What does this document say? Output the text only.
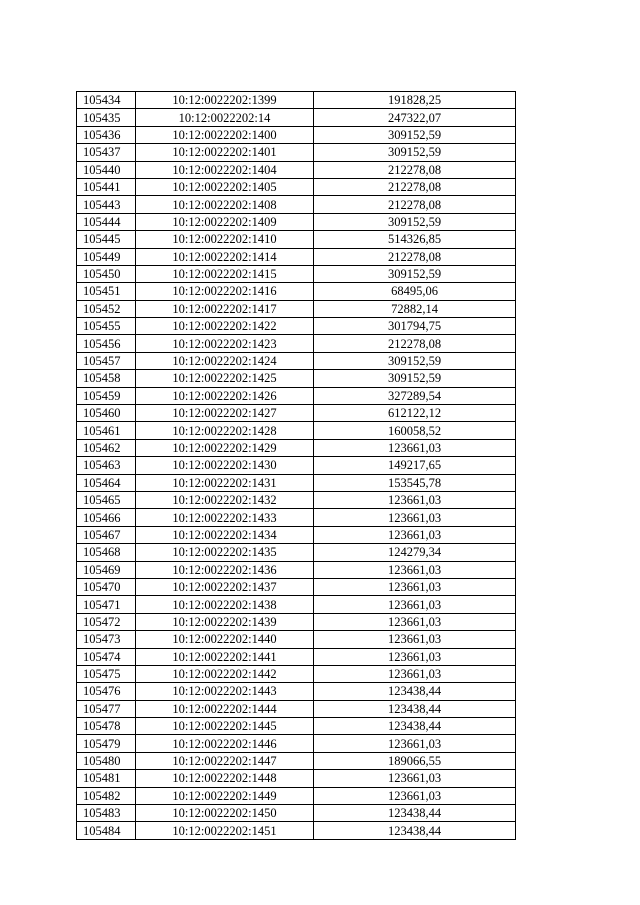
105434	10:12:0022202:1399	191828,25
105435	10:12:0022202:14	247322,07
105436	10:12:0022202:1400	309152,59
105437	10:12:0022202:1401	309152,59
105440	10:12:0022202:1404	212278,08
105441	10:12:0022202:1405	212278,08
105443	10:12:0022202:1408	212278,08
105444	10:12:0022202:1409	309152,59
105445	10:12:0022202:1410	514326,85
105449	10:12:0022202:1414	212278,08
105450	10:12:0022202:1415	309152,59
105451	10:12:0022202:1416	68495,06
105452	10:12:0022202:1417	72882,14
105455	10:12:0022202:1422	301794,75
105456	10:12:0022202:1423	212278,08
105457	10:12:0022202:1424	309152,59
105458	10:12:0022202:1425	309152,59
105459	10:12:0022202:1426	327289,54
105460	10:12:0022202:1427	612122,12
105461	10:12:0022202:1428	160058,52
105462	10:12:0022202:1429	123661,03
105463	10:12:0022202:1430	149217,65
105464	10:12:0022202:1431	153545,78
105465	10:12:0022202:1432	123661,03
105466	10:12:0022202:1433	123661,03
105467	10:12:0022202:1434	123661,03
105468	10:12:0022202:1435	124279,34
105469	10:12:0022202:1436	123661,03
105470	10:12:0022202:1437	123661,03
105471	10:12:0022202:1438	123661,03
105472	10:12:0022202:1439	123661,03
105473	10:12:0022202:1440	123661,03
105474	10:12:0022202:1441	123661,03
105475	10:12:0022202:1442	123661,03
105476	10:12:0022202:1443	123438,44
105477	10:12:0022202:1444	123438,44
105478	10:12:0022202:1445	123438,44
105479	10:12:0022202:1446	123661,03
105480	10:12:0022202:1447	189066,55
105481	10:12:0022202:1448	123661,03
105482	10:12:0022202:1449	123661,03
105483	10:12:0022202:1450	123438,44
105484	10:12:0022202:1451	123438,44
